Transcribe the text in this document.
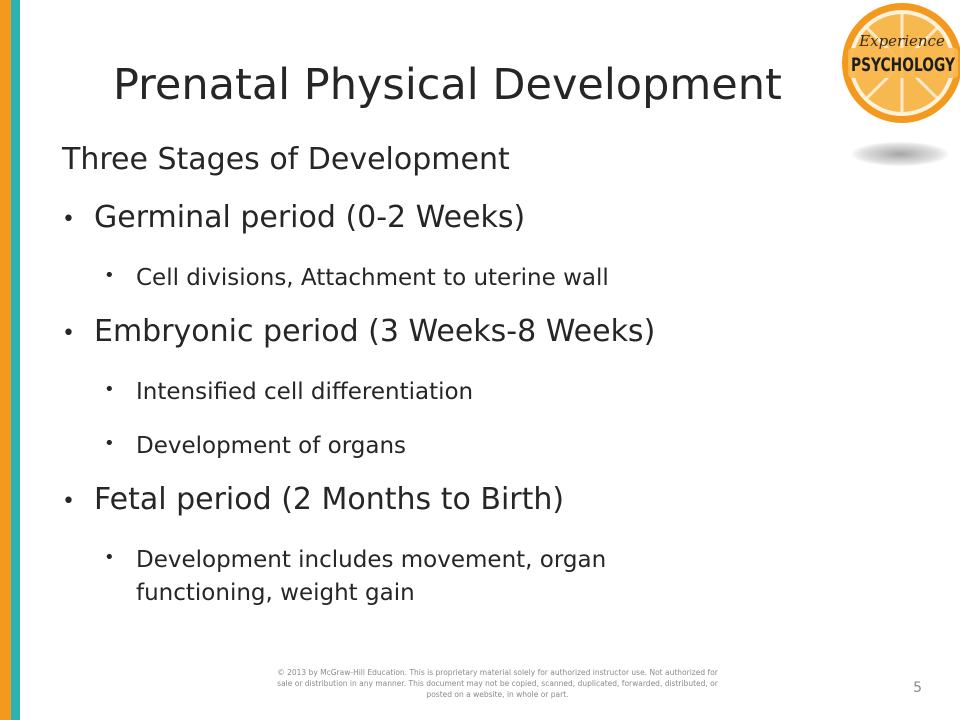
Prenatal Physical Development
Experience
PSYCHOLOGY
Three Stages of Development
• Germinal period (0-2 Weeks)
• Cell divisions, Attachment to uterine wall
• Embryonic period (3 Weeks-8 Weeks)
• Intensified cell differentiation
• Development of organs
• Fetal period (2 Months to Birth)
• Development includes movement, organ functioning, weight gain
© 2013 by McGraw-Hill Education. This is proprietary material solely for authorized instructor use. Not authorized for sale or distribution in any manner. This document may not be copied, scanned, duplicated, forwarded, distributed, or posted on a website, in whole or part.	5
